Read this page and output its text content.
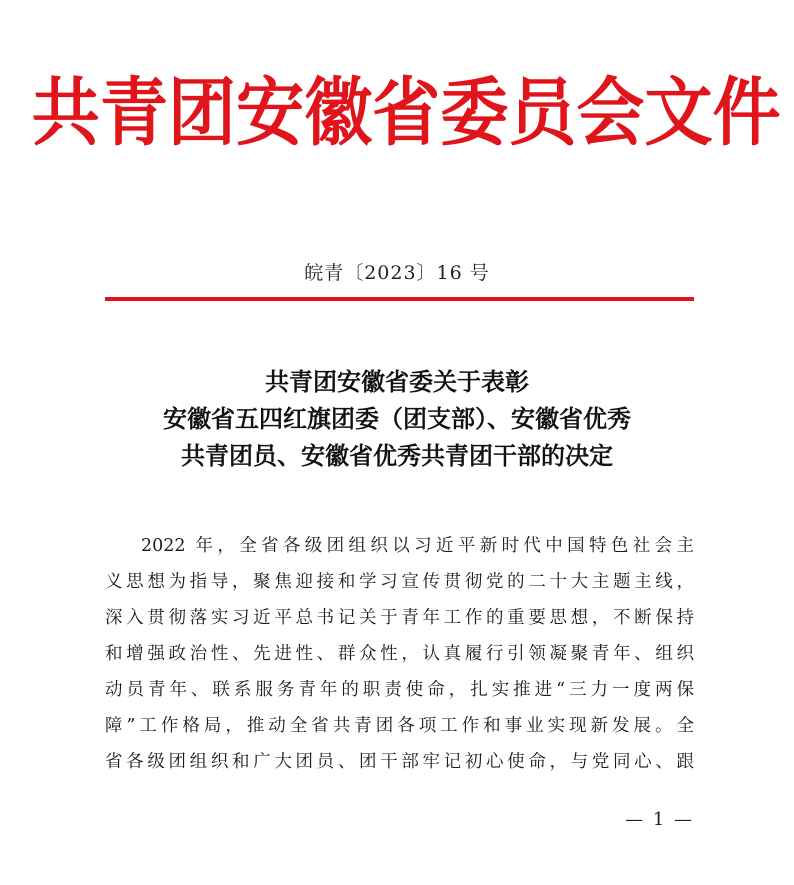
共青团安徽省委员会文件
皖青〔2023〕16 号
共青团安徽省委关于表彰
安徽省五四红旗团委（团支部）、安徽省优秀
共青团员、安徽省优秀共青团干部的决定
2022 年，全省各级团组织以习近平新时代中国特色社会主
义思想为指导，聚焦迎接和学习宣传贯彻党的二十大主题主线，
深入贯彻落实习近平总书记关于青年工作的重要思想，不断保持
和增强政治性、先进性、群众性，认真履行引领凝聚青年、组织
动员青年、联系服务青年的职责使命，扎实推进“三力一度两保
障”工作格局，推动全省共青团各项工作和事业实现新发展。全
省各级团组织和广大团员、团干部牢记初心使命，与党同心、跟
— 1 —
